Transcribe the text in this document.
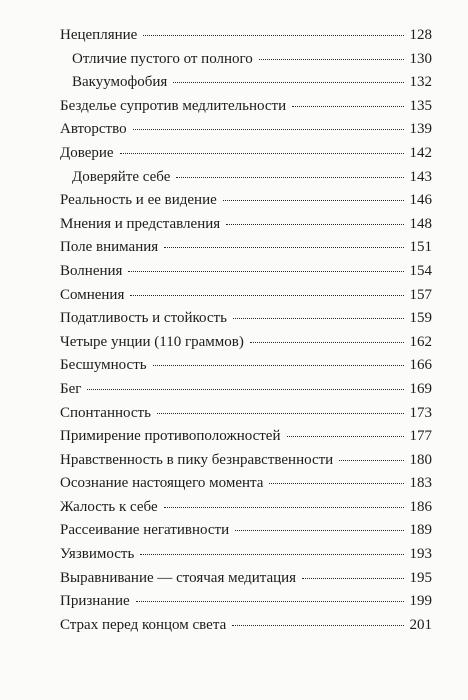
Нецепляние	128
Отличие пустого от полного	130
Вакуумофобия	132
Безделье супротив медлительности	135
Авторство	139
Доверие	142
Доверяйте себе	143
Реальность и ее видение	146
Мнения и представления	148
Поле внимания	151
Волнения	154
Сомнения	157
Податливость и стойкость	159
Четыре унции (110 граммов)	162
Бесшумность	166
Бег	169
Спонтанность	173
Примирение противоположностей	177
Нравственность в пику безнравственности	180
Осознание настоящего момента	183
Жалость к себе	186
Рассеивание негативности	189
Уязвимость	193
Выравнивание — стоячая медитация	195
Признание	199
Страх перед концом света	201
